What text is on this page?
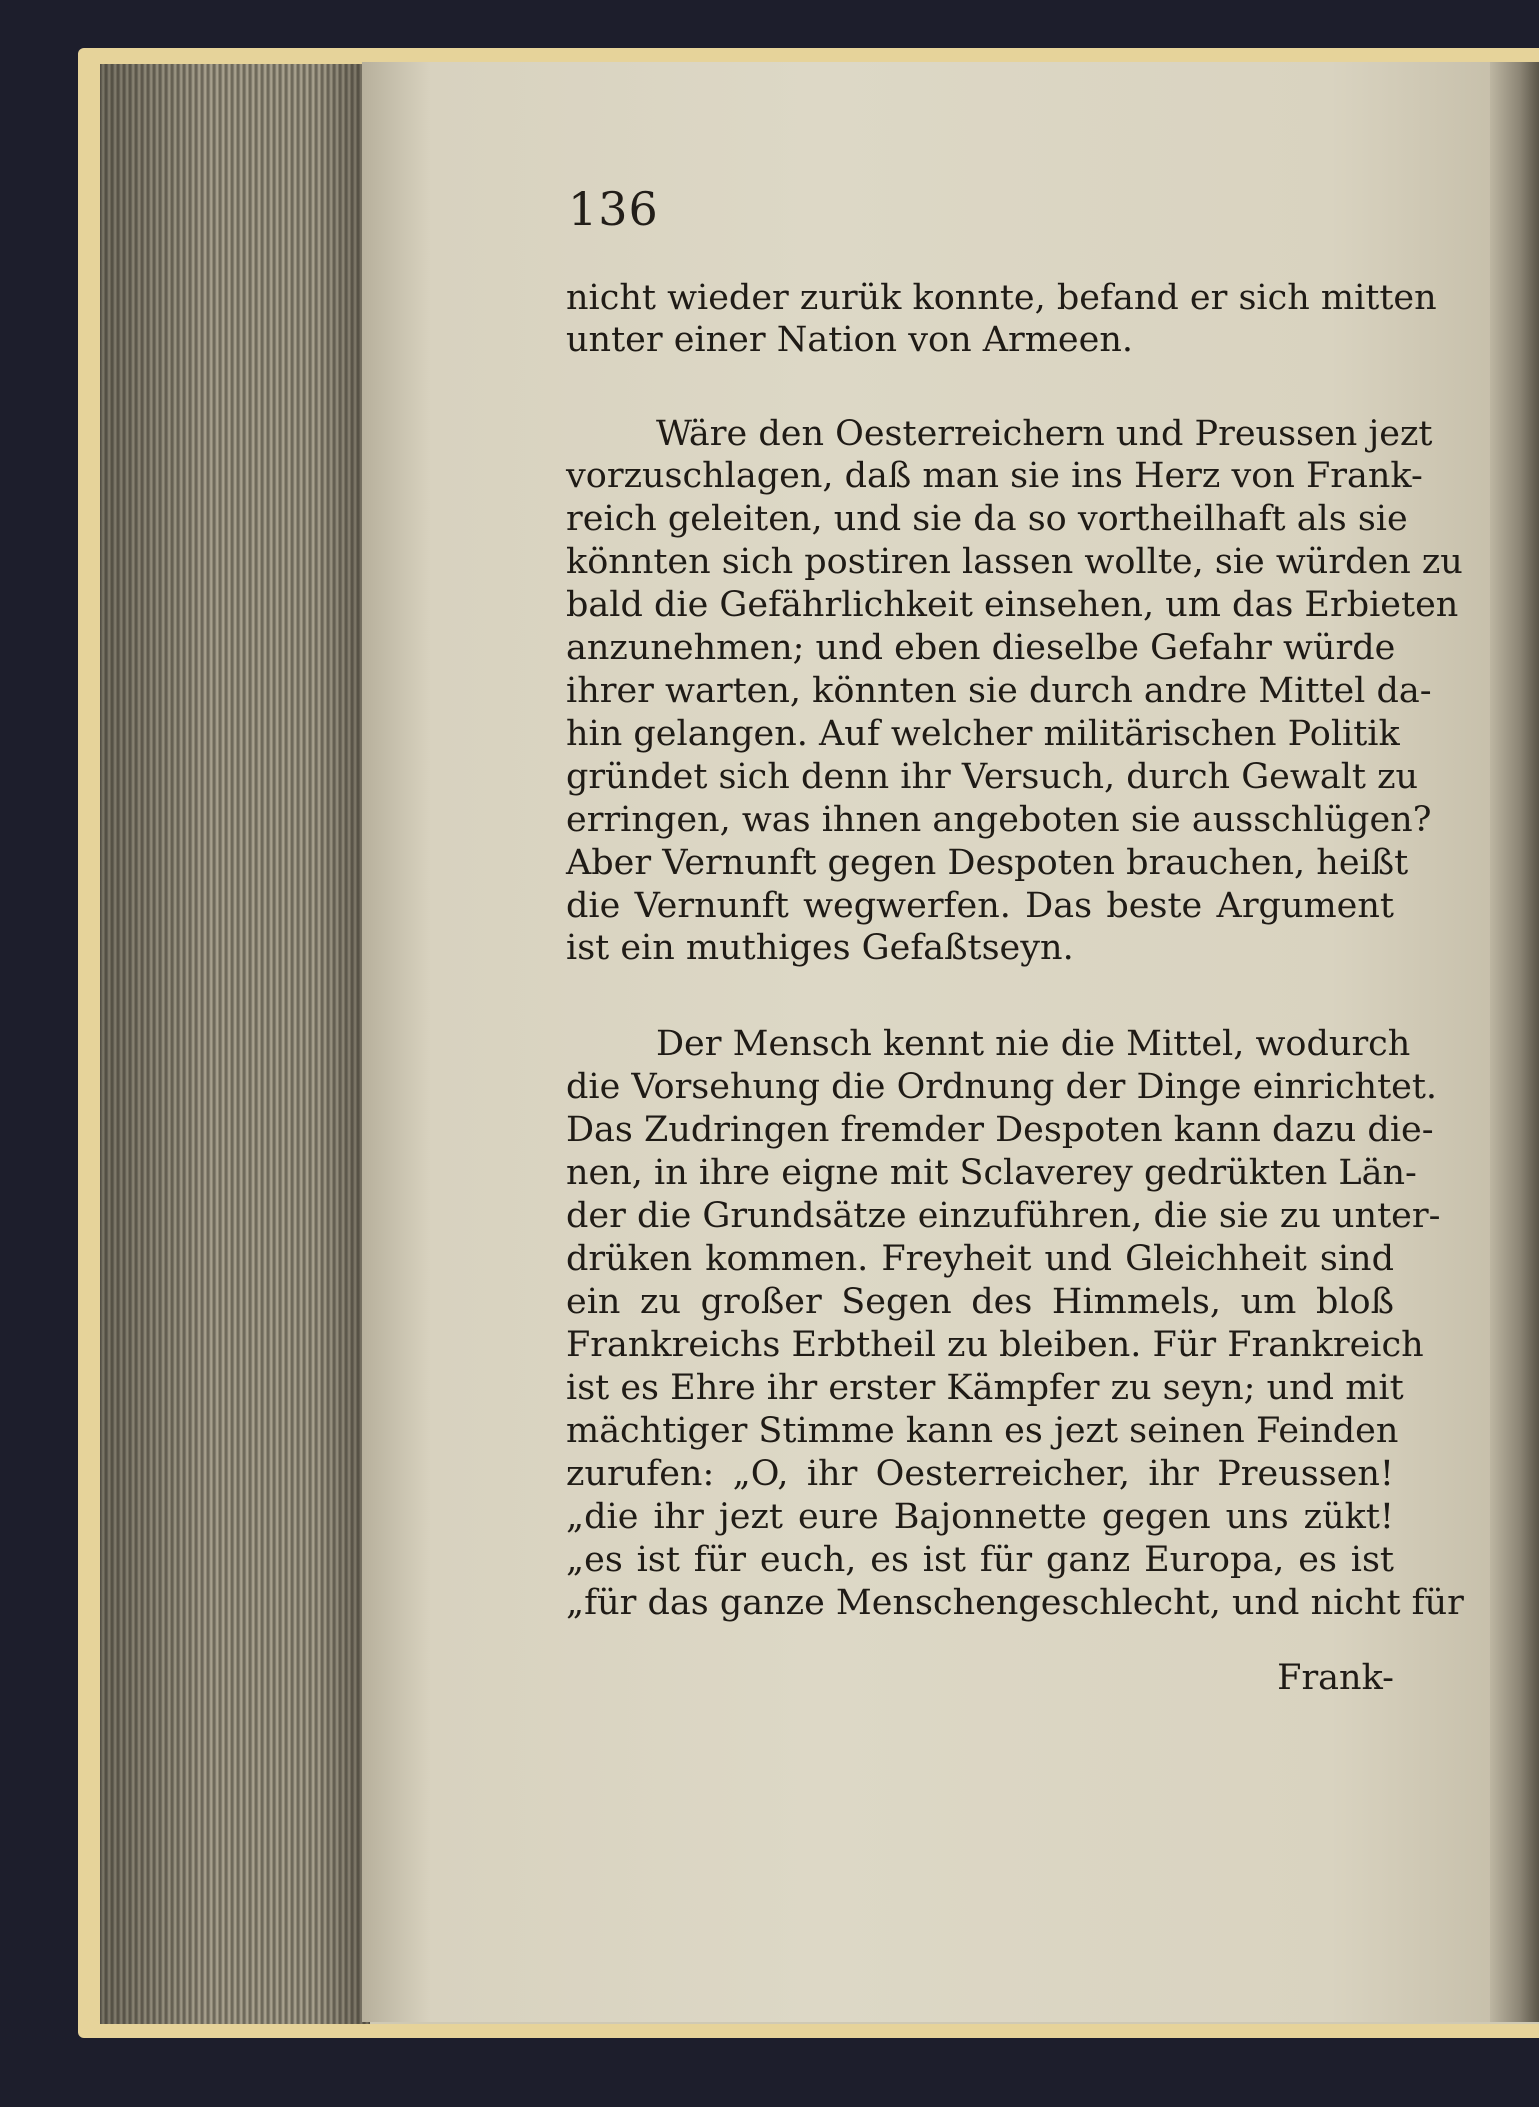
136
nicht wieder zurük konnte, befand er sich mitten
unter einer Nation von Armeen.
Wäre den Oesterreichern und Preussen jezt
vorzuschlagen, daß man sie ins Herz von Frank-
reich geleiten, und sie da so vortheilhaft als sie
könnten sich postiren lassen wollte, sie würden zu
bald die Gefährlichkeit einsehen, um das Erbieten
anzunehmen; und eben dieselbe Gefahr würde
ihrer warten, könnten sie durch andre Mittel da-
hin gelangen. Auf welcher militärischen Politik
gründet sich denn ihr Versuch, durch Gewalt zu
erringen, was ihnen angeboten sie ausschlügen?
Aber Vernunft gegen Despoten brauchen, heißt
die Vernunft wegwerfen. Das beste Argument
ist ein muthiges Gefaßtseyn.
Der Mensch kennt nie die Mittel, wodurch
die Vorsehung die Ordnung der Dinge einrichtet.
Das Zudringen fremder Despoten kann dazu die-
nen, in ihre eigne mit Sclaverey gedrükten Län-
der die Grundsätze einzuführen, die sie zu unter-
drüken kommen. Freyheit und Gleichheit sind
ein zu großer Segen des Himmels, um bloß
Frankreichs Erbtheil zu bleiben. Für Frankreich
ist es Ehre ihr erster Kämpfer zu seyn; und mit
mächtiger Stimme kann es jezt seinen Feinden
zurufen: „O, ihr Oesterreicher, ihr Preussen!
„die ihr jezt eure Bajonnette gegen uns zükt!
„es ist für euch, es ist für ganz Europa, es ist
„für das ganze Menschengeschlecht, und nicht für
Frank-
